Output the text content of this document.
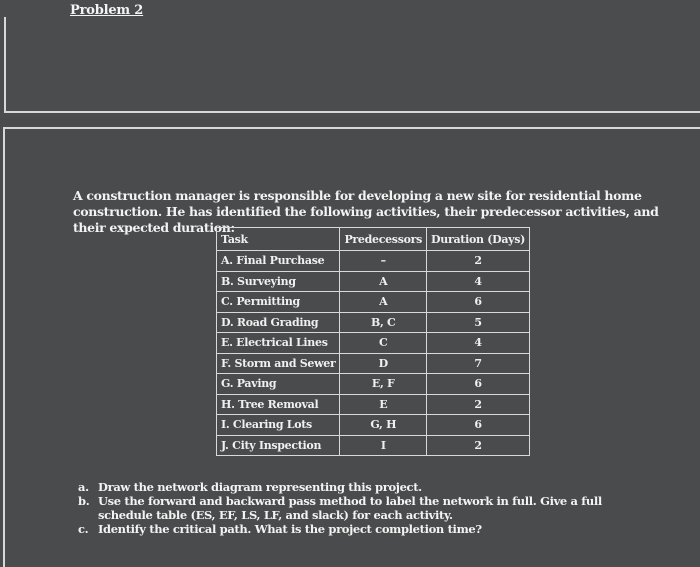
Problem 2
A construction manager is responsible for developing a new site for residential home construction. He has identified the following activities, their predecessor activities, and their expected duration:
Task	Predecessors	Duration (Days)
A. Final Purchase	–	2
B. Surveying	A	4
C. Permitting	A	6
D. Road Grading	B, C	5
E. Electrical Lines	C	4
F. Storm and Sewer	D	7
G. Paving	E, F	6
H. Tree Removal	E	2
I. Clearing Lots	G, H	6
J. City Inspection	I	2
a. Draw the network diagram representing this project.
b. Use the forward and backward pass method to label the network in full. Give a full schedule table (ES, EF, LS, LF, and slack) for each activity.
c. Identify the critical path. What is the project completion time?
